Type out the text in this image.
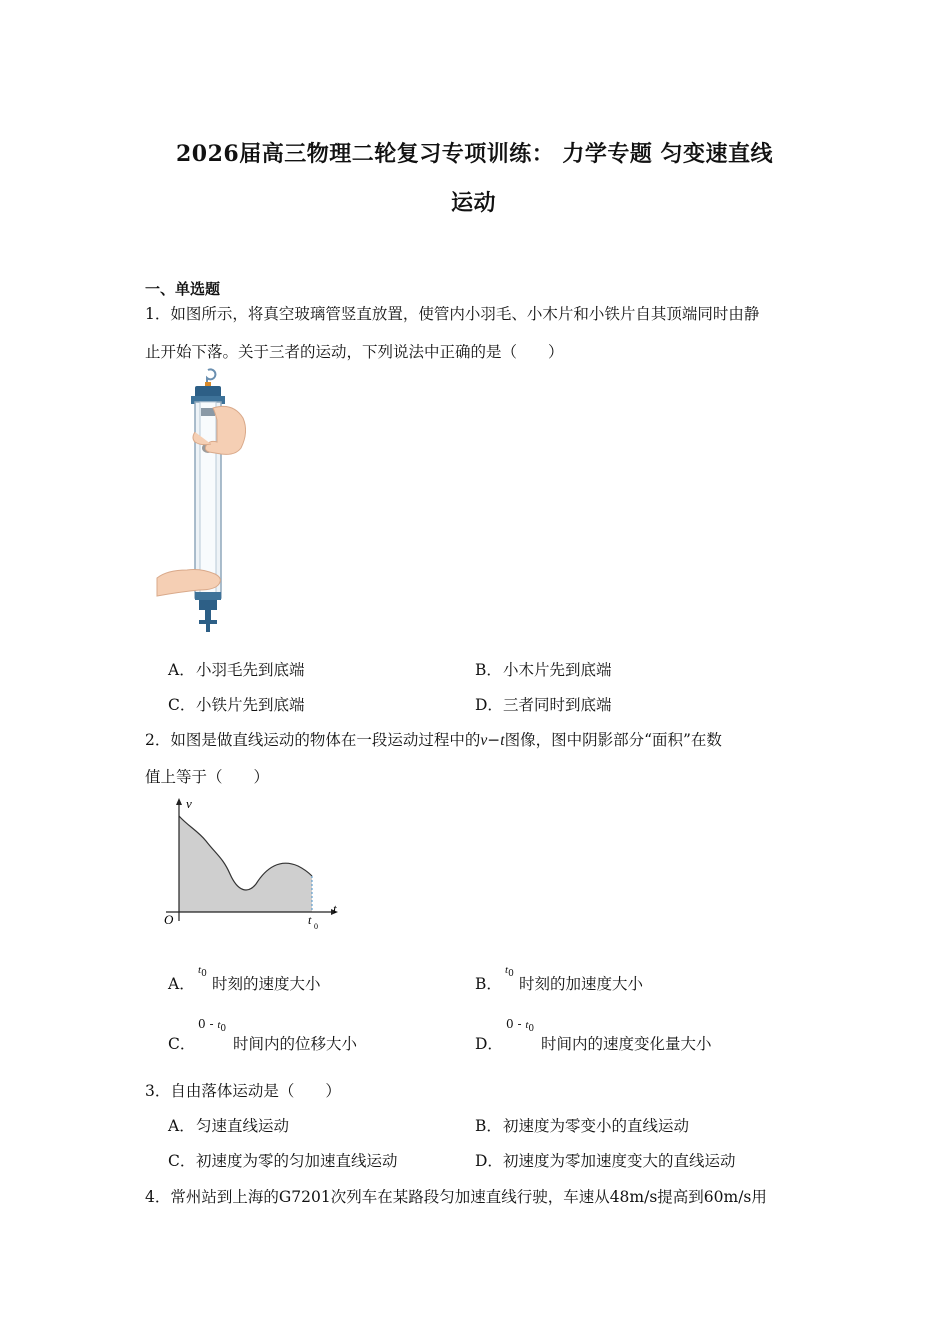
2026届高三物理二轮复习专项训练： 力学专题 匀变速直线
运动
一、单选题
1．如图所示，将真空玻璃管竖直放置，使管内小羽毛、小木片和小铁片自其顶端同时由静
止开始下落。关于三者的运动，下列说法中正确的是（　　）
A．小羽毛先到底端	B．小木片先到底端
C．小铁片先到底端	D．三者同时到底端
2．如图是做直线运动的物体在一段运动过程中的v−t图像，图中阴影部分“面积”在数
值上等于（　　）
v
t
O	t 0
A．
$t_0$
时刻的速度大小	B．
$t_0$
时刻的加速度大小
C．
$0 - t_0$
时间内的位移大小	D．
$0 - t_0$
时间内的速度变化量大小
3．自由落体运动是（　　）
A．匀速直线运动	B．初速度为零变小的直线运动
C．初速度为零的匀加速直线运动	D．初速度为零加速度变大的直线运动
4．常州站到上海的G7201次列车在某路段匀加速直线行驶，车速从48m/s提高到60m/s用
